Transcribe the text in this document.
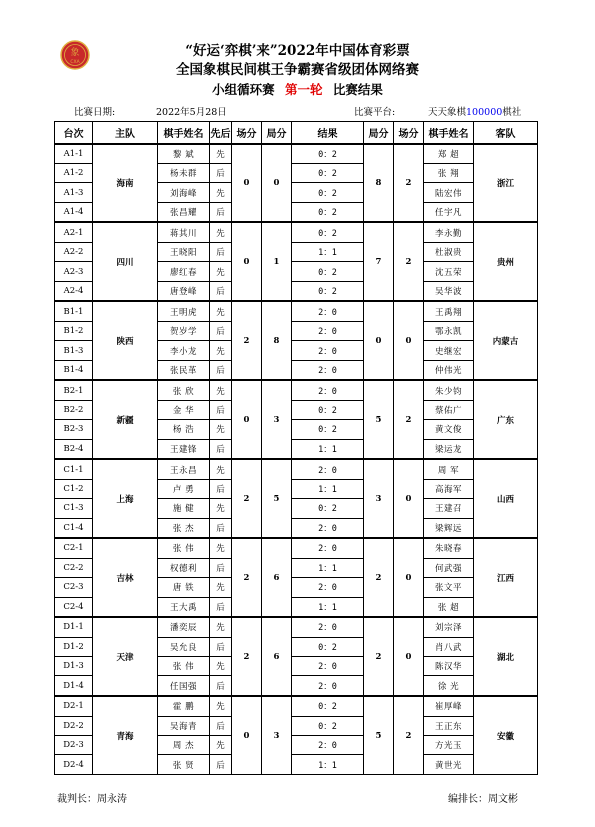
象
CXA
“好运‘弈棋’来”2022年中国体育彩票
全国象棋民间棋王争霸赛省级团体网络赛
小组循环赛 第一轮 比赛结果
比赛日期:	2022年5月28日	比赛平台:	天天象棋100000棋社
台次	主队	棋手姓名	先后	场分	局分	结果	局分	场分	棋手姓名	客队
A1-1	海南	黎 斌	先	0	0	0：2	8	2	郑 超	浙江
A1-2		杨未群	后			0：2			张 翔	
A1-3		刘海峰	先			0：2			陆宏伟	
A1-4		张昌耀	后			0：2			任宇凡	
A2-1	四川	蒋其川	先	0	1	0：2	7	2	李永勤	贵州
A2-2		王晓阳	后			1：1			杜淑贵	
A2-3		廖红春	先			0：2			沈五荣	
A2-4		唐登峰	后			0：2			吴华波	
B1-1	陕西	王明虎	先	2	8	2：0	0	0	王禹翔	内蒙古
B1-2		贺岁学	后			2：0			鄂永凯	
B1-3		李小龙	先			2：0			史继宏	
B1-4		张民革	后			2：0			仲伟光	
B2-1	新疆	张 欣	先	0	3	2：0	5	2	朱少钧	广东
B2-2		金 华	后			0：2			蔡佑广	
B2-3		杨 浩	先			0：2			黄文俊	
B2-4		王建锋	后			1：1			梁运龙	
C1-1	上海	王永昌	先	2	5	2：0	3	0	周 军	山西
C1-2		卢 勇	后			1：1			高海军	
C1-3		施 健	先			0：2			王建召	
C1-4		张 杰	后			2：0			梁辉远	
C2-1	吉林	张 伟	先	2	6	2：0	2	0	朱晓春	江西
C2-2		权德利	后			1：1			何武强	
C2-3		唐 铁	先			2：0			张文平	
C2-4		王大禹	后			1：1			张 超	
D1-1	天津	潘奕辰	先	2	6	2：0	2	0	刘宗泽	湖北
D1-2		吴允良	后			0：2			肖八武	
D1-3		张 伟	先			2：0			陈汉华	
D1-4		任国强	后			2：0			徐 光	
D2-1	青海	霍 鹏	先	0	3	0：2	5	2	崔厚峰	安徽
D2-2		吴海青	后			0：2			王正东	
D2-3		周 杰	先			2：0			方光玉	
D2-4		张 贤	后			1：1			黄世光	
裁判长：周永涛	编排长：周文彬
